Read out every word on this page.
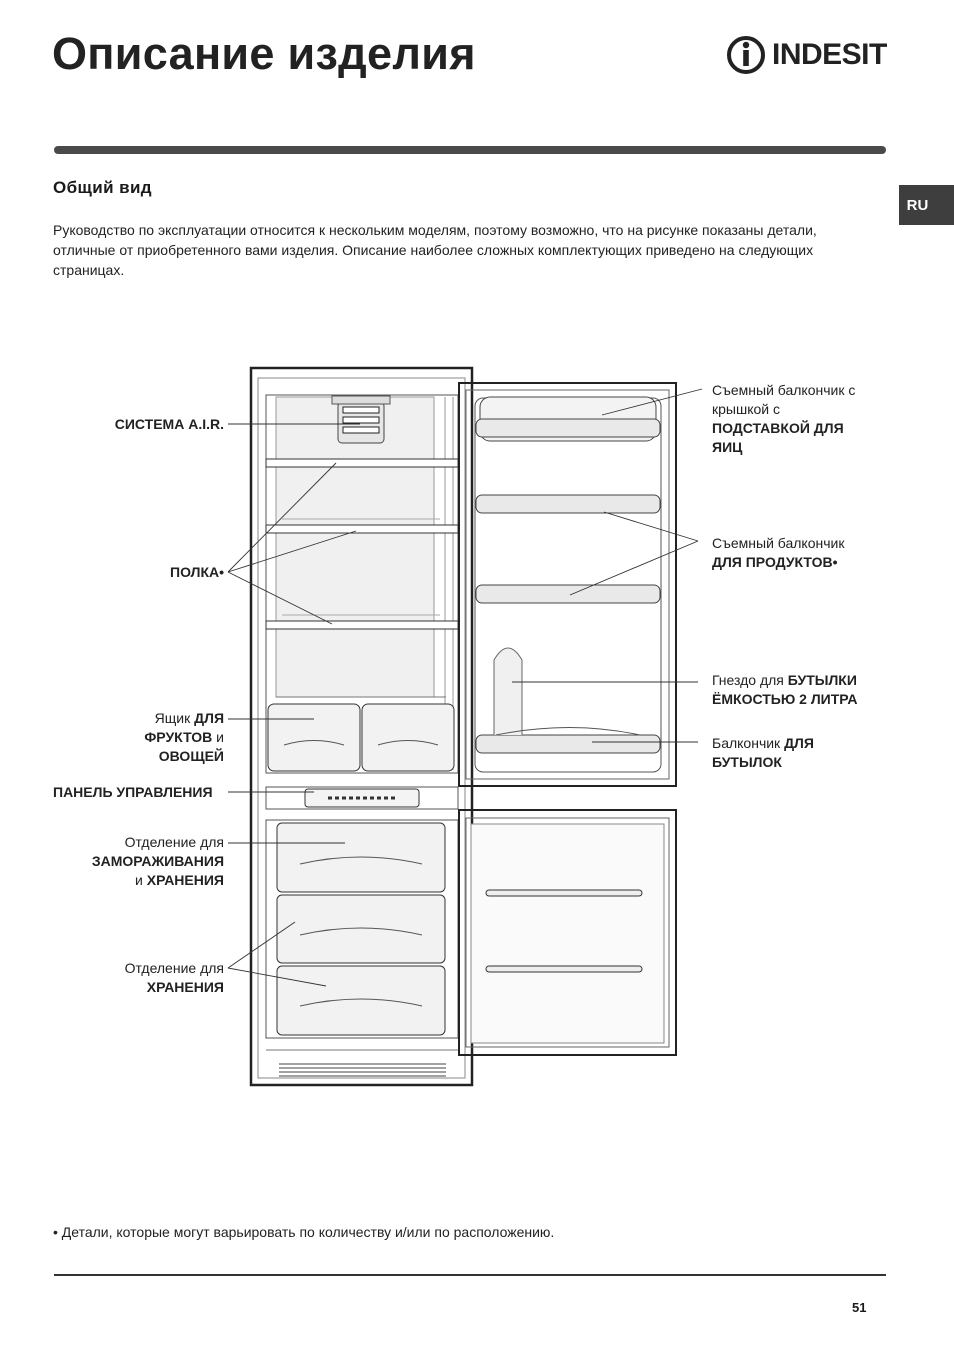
Описание изделия	INDESIT
RU
Общий вид

Руководство по эксплуатации относится к нескольким моделям, поэтому возможно, что на рисунке показаны детали, отличные от приобретенного вами изделия. Описание наиболее сложных комплектующих приведено на следующих страницах.

СИСТЕМА A.I.R.
ПОЛКА•
Ящик ДЛЯ
ФРУКТОВ и
ОВОЩЕЙ
ПАНЕЛЬ УПРАВЛЕНИЯ
Отделение для
ЗАМОРАЖИВАНИЯ
и ХРАНЕНИЯ
Отделение для
ХРАНЕНИЯ
Съемный балкончик с
крышкой с
ПОДСТАВКОЙ ДЛЯ
ЯИЦ
Съемный балкончик
ДЛЯ ПРОДУКТОВ•
Гнездо для БУТЫЛКИ
ЁМКОСТЬЮ 2 ЛИТРА
Балкончик ДЛЯ
БУТЫЛОК

• Детали, которые могут варьировать по количеству и/или по расположению.

51
